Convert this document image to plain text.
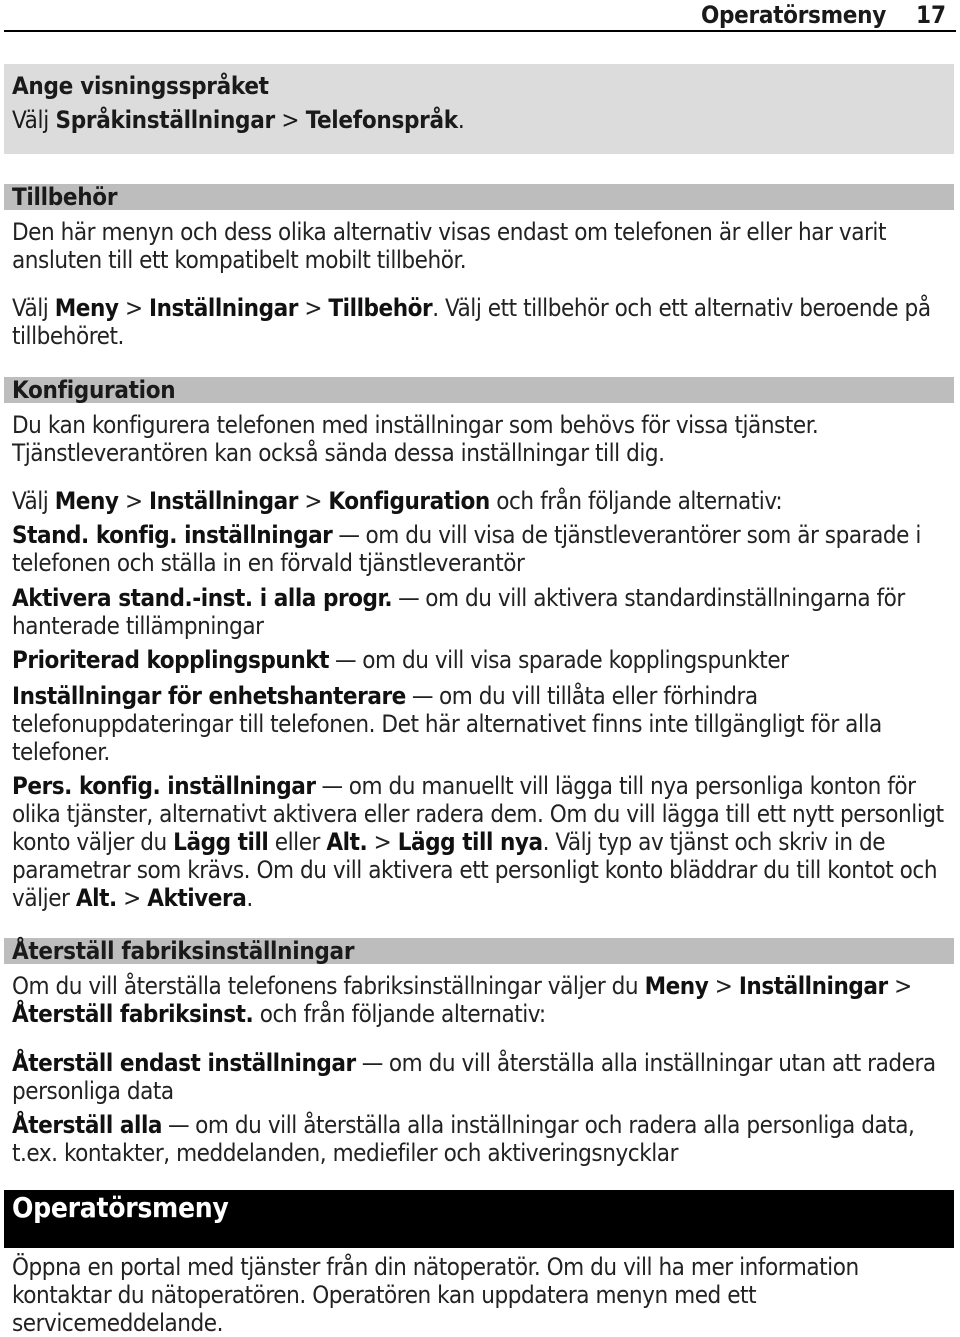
Operatörsmeny 17
Ange visningsspråket
Välj Språkinställningar > Telefonspråk.
Tillbehör
Den här menyn och dess olika alternativ visas endast om telefonen är eller har varit ansluten till ett kompatibelt mobilt tillbehör.
Välj Meny > Inställningar > Tillbehör. Välj ett tillbehör och ett alternativ beroende på tillbehöret.
Konfiguration
Du kan konfigurera telefonen med inställningar som behövs för vissa tjänster. Tjänstleverantören kan också sända dessa inställningar till dig.
Välj Meny > Inställningar > Konfiguration och från följande alternativ:
Stand. konfig. inställningar — om du vill visa de tjänstleverantörer som är sparade i telefonen och ställa in en förvald tjänstleverantör
Aktivera stand.-inst. i alla progr. — om du vill aktivera standardinställningarna för hanterade tillämpningar
Prioriterad kopplingspunkt — om du vill visa sparade kopplingspunkter
Inställningar för enhetshanterare — om du vill tillåta eller förhindra telefonuppdateringar till telefonen. Det här alternativet finns inte tillgängligt för alla telefoner.
Pers. konfig. inställningar — om du manuellt vill lägga till nya personliga konton för olika tjänster, alternativt aktivera eller radera dem. Om du vill lägga till ett nytt personligt konto väljer du Lägg till eller Alt. > Lägg till nya. Välj typ av tjänst och skriv in de parametrar som krävs. Om du vill aktivera ett personligt konto bläddrar du till kontot och väljer Alt. > Aktivera.
Återställ fabriksinställningar
Om du vill återställa telefonens fabriksinställningar väljer du Meny > Inställningar > Återställ fabriksinst. och från följande alternativ:
Återställ endast inställningar — om du vill återställa alla inställningar utan att radera personliga data
Återställ alla — om du vill återställa alla inställningar och radera alla personliga data, t.ex. kontakter, meddelanden, mediefiler och aktiveringsnycklar
Operatörsmeny
Öppna en portal med tjänster från din nätoperatör. Om du vill ha mer information kontaktar du nätoperatören. Operatören kan uppdatera menyn med ett servicemeddelande.
